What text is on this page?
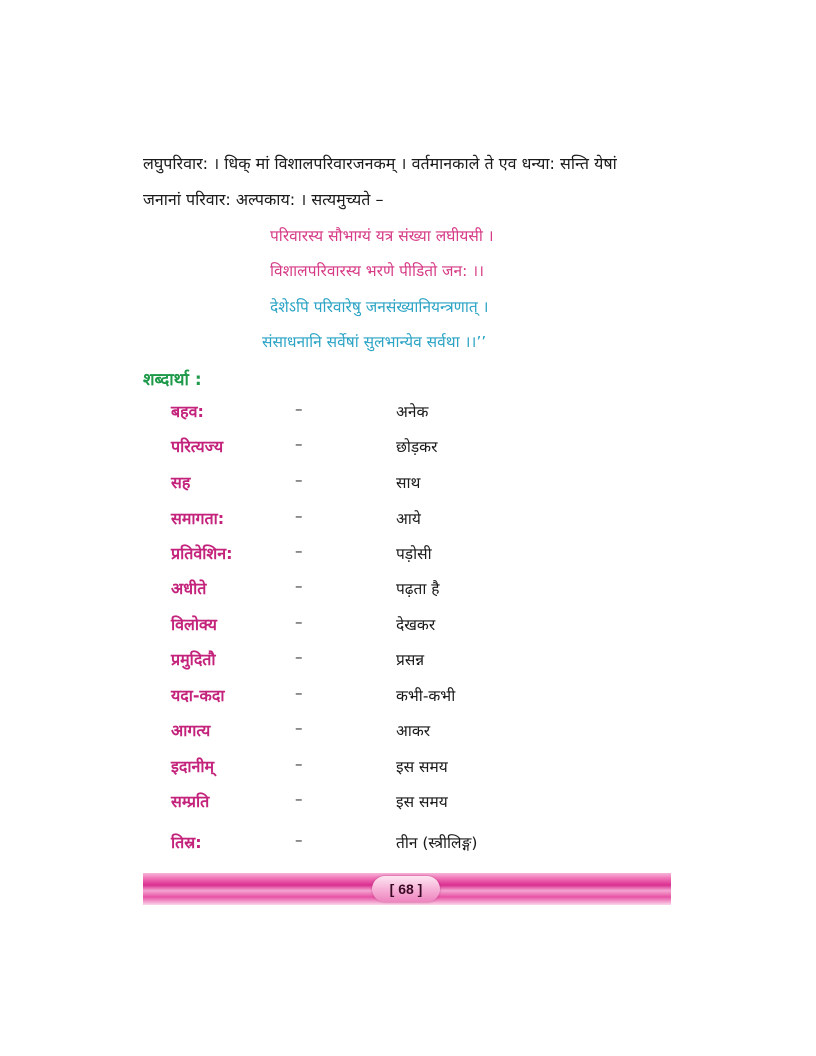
लघुपरिवार: । धिक् मां विशालपरिवारजनकम् । वर्तमानकाले ते एव धन्या: सन्ति येषां

जनानां परिवार: अल्पकाय: । सत्यमुच्यते –

परिवारस्य सौभाग्यं यत्र संख्या लघीयसी ।
विशालपरिवारस्य भरणे पीडितो जन: ।।
देशेऽपि परिवारेषु जनसंख्यानियन्त्रणात् ।
संसाधनानि सर्वेषां सुलभान्येव सर्वथा ।।’’
शब्दार्था :
बहव:	–	अनेक
परित्यज्य	–	छोड़कर
सह	–	साथ
समागता:	–	आये
प्रतिवेशिन:	–	पड़ोसी
अधीते	–	पढ़ता है
विलोक्य	–	देखकर
प्रमुदितौ	–	प्रसन्न
यदा-कदा	–	कभी-कभी
आगत्य	–	आकर
इदानीम्	–	इस समय
सम्प्रति	–	इस समय
तिस्र:	–	तीन (स्त्रीलिङ्ग)
[ 68 ]
